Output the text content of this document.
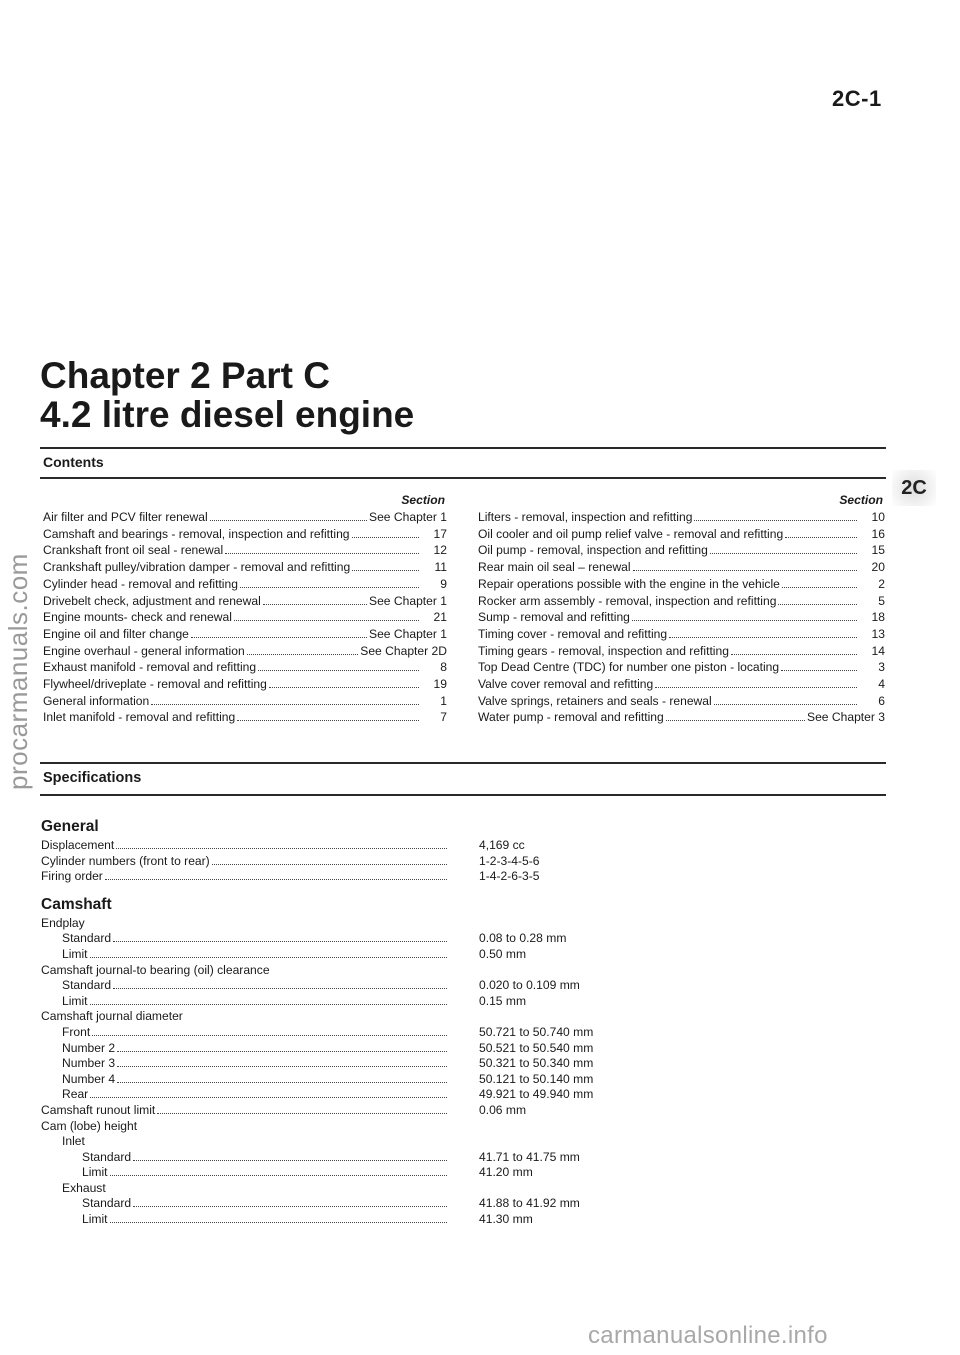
2C-1
procarmanuals.com
Chapter 2 Part C
4.2 litre diesel engine
Contents
2C
Section
Air filter and PCV filter renewal	See Chapter 1
Camshaft and bearings - removal, inspection and refitting	17
Crankshaft front oil seal - renewal	12
Crankshaft pulley/vibration damper - removal and refitting	11
Cylinder head - removal and refitting	9
Drivebelt check, adjustment and renewal	See Chapter 1
Engine mounts- check and renewal	21
Engine oil and filter change	See Chapter 1
Engine overhaul - general information	See Chapter 2D
Exhaust manifold - removal and refitting	8
Flywheel/driveplate - removal and refitting	19
General information	1
Inlet manifold - removal and refitting	7
Section
Lifters - removal, inspection and refitting	10
Oil cooler and oil pump relief valve - removal and refitting	16
Oil pump - removal, inspection and refitting	15
Rear main oil seal – renewal	20
Repair operations possible with the engine in the vehicle	2
Rocker arm assembly - removal, inspection and refitting	5
Sump - removal and refitting	18
Timing cover - removal and refitting	13
Timing gears - removal, inspection and refitting	14
Top Dead Centre (TDC) for number one piston - locating	3
Valve cover removal and refitting	4
Valve springs, retainers and seals - renewal	6
Water pump - removal and refitting	See Chapter 3
Specifications
General
Displacement	4,169 cc
Cylinder numbers (front to rear)	1-2-3-4-5-6
Firing order	1-4-2-6-3-5
Camshaft
Endplay
Standard	0.08 to 0.28 mm
Limit	0.50 mm
Camshaft journal-to bearing (oil) clearance
Standard	0.020 to 0.109 mm
Limit	0.15 mm
Camshaft journal diameter
Front	50.721 to 50.740 mm
Number 2	50.521 to 50.540 mm
Number 3	50.321 to 50.340 mm
Number 4	50.121 to 50.140 mm
Rear	49.921 to 49.940 mm
Camshaft runout limit	0.06 mm
Cam (lobe) height
Inlet
Standard	41.71 to 41.75 mm
Limit	41.20 mm
Exhaust
Standard	41.88 to 41.92 mm
Limit	41.30 mm
carmanualsonline.info
